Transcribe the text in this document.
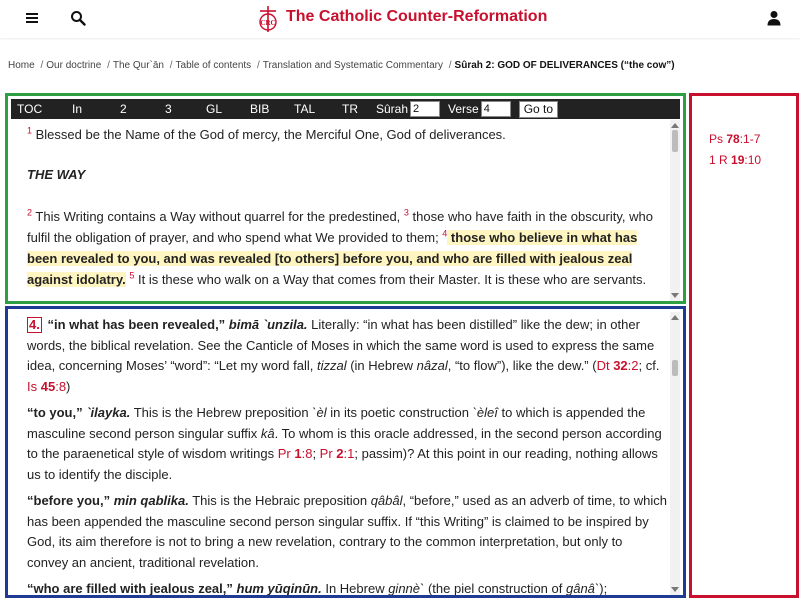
CRC The Catholic Counter-Reformation
Home / Our doctrine / The Qur`ān / Table of contents / Translation and Systematic Commentary / Sûrah 2: GOD OF DELIVERANCES (“the cow”)
TOC	In	2	3	GL	BIB	TAL	TR	Sûrah
2	Verse
4	Go to

$^1$ Blessed be the Name of the God of mercy, the Merciful One, God of deliverances.

THE WAY

$^2$ This Writing contains a Way without quarrel for the predestined, $^3$ those who have faith in the obscurity, who fulfil the obligation of prayer, and who spend what We provided to them; $^4$ those who believe in what has been revealed to you, and was revealed [to others] before you, and who are filled with jealous zeal against idolatry. $^5$ It is these who walk on a Way that comes from their Master. It is these who are servants.

4. “in what has been revealed,” bimā `unzila. Literally: “in what has been distilled” like the dew; in other words, the biblical revelation. See the Canticle of Moses in which the same word is used to express the same idea, concerning Moses’ “word”: “Let my word fall, tizzal (in Hebrew nâzal, “to flow”), like the dew.” (Dt 32:2; cf. Is 45:8)

“to you,” `ilayka. This is the Hebrew preposition `èl in its poetic construction `èleî to which is appended the masculine second person singular suffix kâ. To whom is this oracle addressed, in the second person according to the paraenetical style of wisdom writings Pr 1:8; Pr 2:1; passim)? At this point in our reading, nothing allows us to identify the disciple.

“before you,” min qablika. This is the Hebraic preposition qâbâl, “before,” used as an adverb of time, to which has been appended the masculine second person singular suffix. If “this Writing” is claimed to be inspired by God, its aim therefore is not to bring a new revelation, contrary to the common interpretation, but only to convey an ancient, traditional revelation.

“who are filled with jealous zeal,” hum yūqinūn. In Hebrew ginnè` (the piel construction of gânâ`);

Ps 78:1-7
1 R 19:10
